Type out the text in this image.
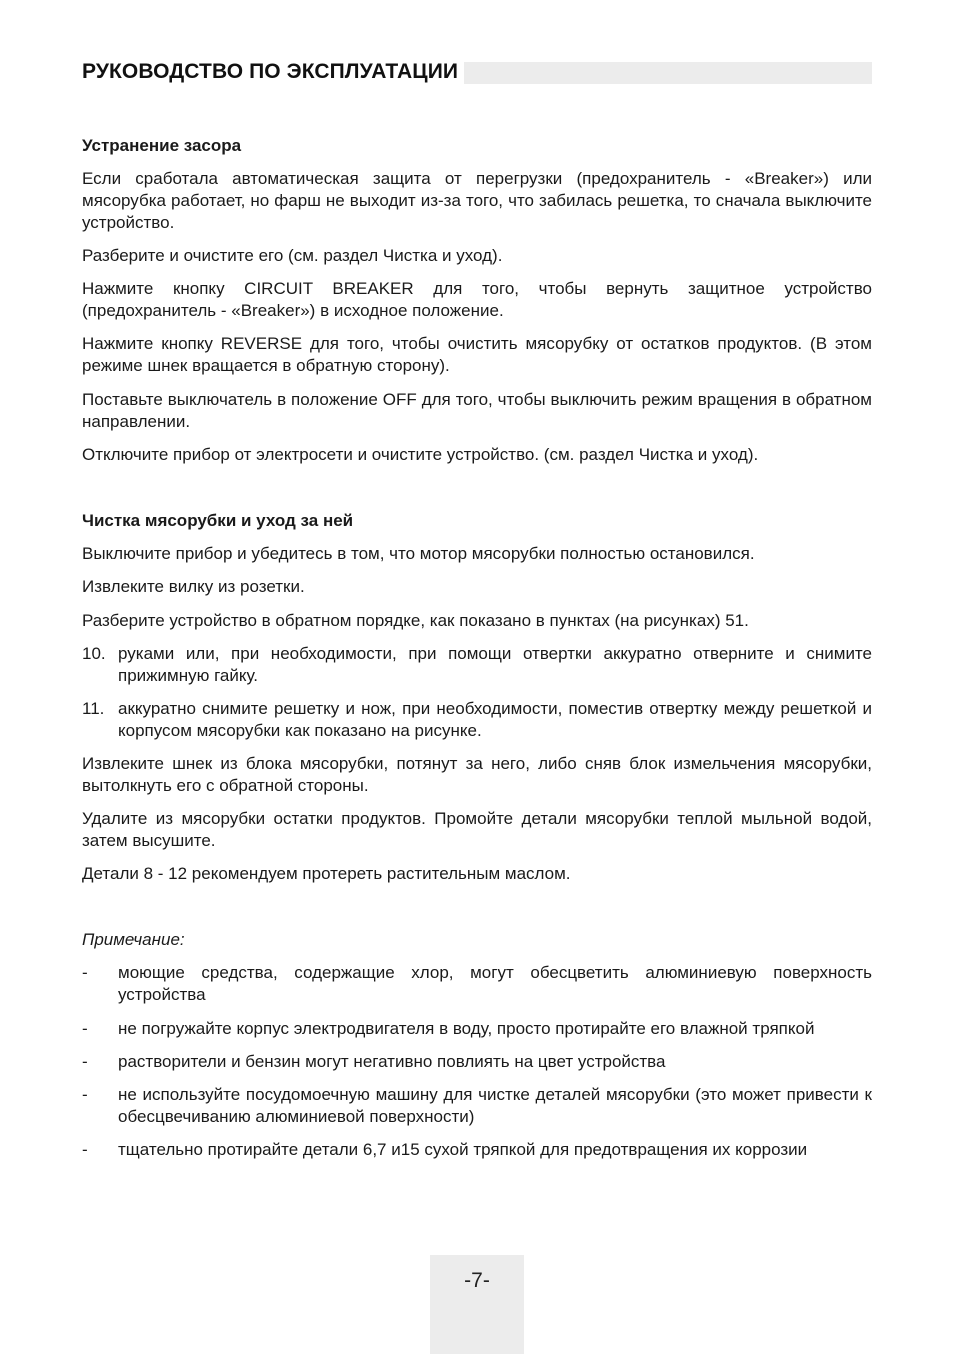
РУКОВОДСТВО ПО ЭКСПЛУАТАЦИИ
Устранение засора

Если сработала автоматическая защита от перегрузки (предохранитель - «Breaker») или мясорубка работает, но фарш не выходит из-за того, что забилась решетка, то сначала выключите устройство.

Разберите и очистите его (см. раздел Чистка и уход).

Нажмите кнопку CIRCUIT BREAKER для того, чтобы вернуть защитное устройство (предохранитель - «Breaker») в исходное положение.

Нажмите кнопку REVERSE для того, чтобы очистить мясорубку от остатков продуктов. (В этом режиме шнек вращается в обратную сторону).

Поставьте выключатель в положение OFF для того, чтобы выключить режим вращения в обратном направлении.

Отключите прибор от электросети и очистите устройство. (см. раздел Чистка и уход).

Чистка мясорубки и уход за ней

Выключите прибор и убедитесь в том, что мотор мясорубки полностью остановился.

Извлеките вилку из розетки.

Разберите устройство в обратном порядке, как показано в пунктах (на рисунках) 51.

10. руками или, при необходимости, при помощи отвертки аккуратно отверните и снимите прижимную гайку.

11. аккуратно снимите решетку и нож, при необходимости, поместив отвертку между решеткой и корпусом мясорубки как показано на рисунке.

Извлеките шнек из блока мясорубки, потянут за него, либо сняв блок измельчения мясорубки, вытолкнуть его с обратной стороны.

Удалите из мясорубки остатки продуктов. Промойте детали мясорубки теплой мыльной водой, затем высушите.

Детали 8 - 12 рекомендуем протереть растительным маслом.

Примечание:

- моющие средства, содержащие хлор, могут обесцветить алюминиевую поверхность устройства

- не погружайте корпус электродвигателя в воду, просто протирайте его влажной тряпкой

- растворители и бензин могут негативно повлиять на цвет устройства

- не используйте посудомоечную машину для чистке деталей мясорубки (это может привести к обесцвечиванию алюминиевой поверхности)

- тщательно протирайте детали 6,7 и15 сухой тряпкой для предотвращения их коррозии

-7-
